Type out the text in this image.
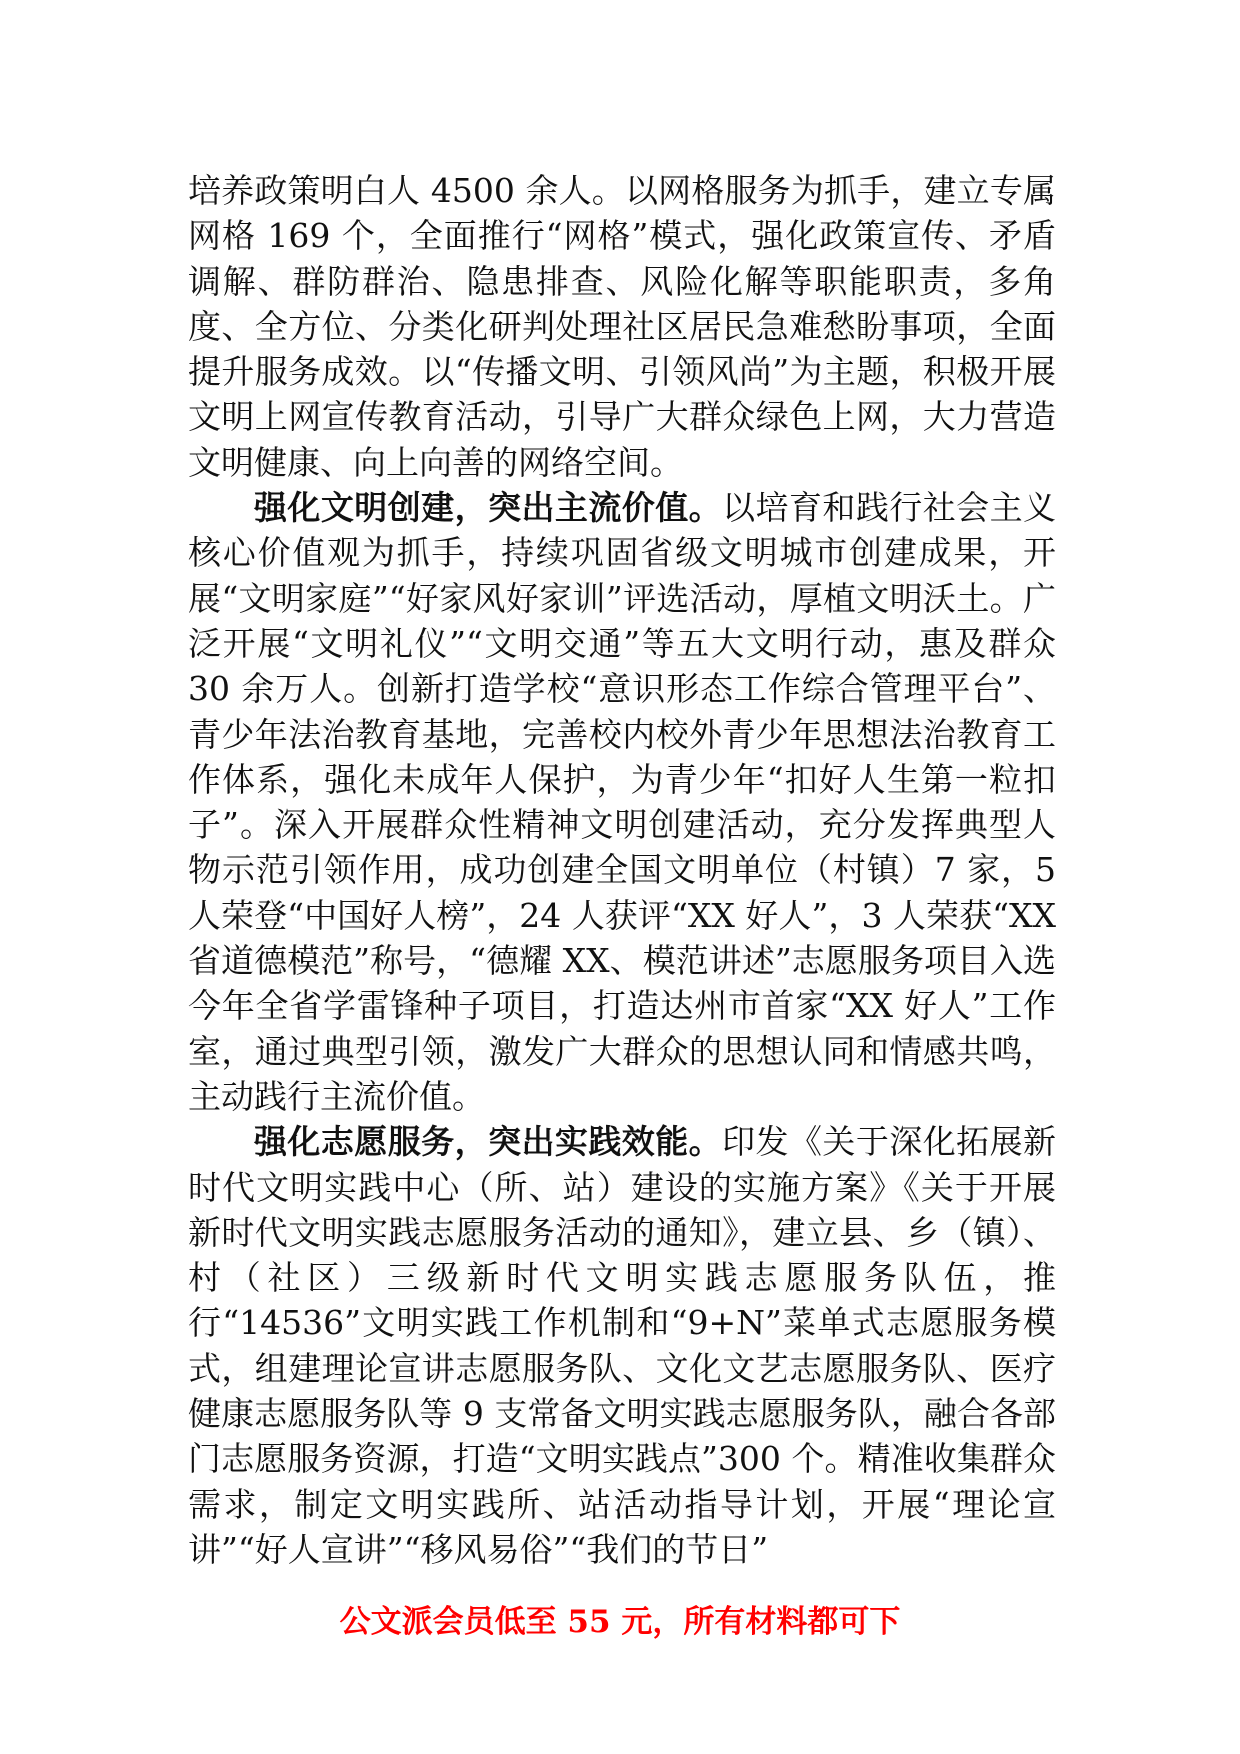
培养政策明白人 4500 余人。以网格服务为抓手，建立专属网格 169 个，全面推行“网格”模式，强化政策宣传、矛盾调解、群防群治、隐患排查、风险化解等职能职责，多角度、全方位、分类化研判处理社区居民急难愁盼事项，全面提升服务成效。以“传播文明、引领风尚”为主题，积极开展文明上网宣传教育活动，引导广大群众绿色上网，大力营造文明健康、向上向善的网络空间。

强化文明创建，突出主流价值。以培育和践行社会主义核心价值观为抓手，持续巩固省级文明城市创建成果，开展“文明家庭”“好家风好家训”评选活动，厚植文明沃土。广泛开展“文明礼仪”“文明交通”等五大文明行动，惠及群众 30 余万人。创新打造学校“意识形态工作综合管理平台”、青少年法治教育基地，完善校内校外青少年思想法治教育工作体系，强化未成年人保护，为青少年“扣好人生第一粒扣子”。深入开展群众性精神文明创建活动，充分发挥典型人物示范引领作用，成功创建全国文明单位（村镇）7 家，5 人荣登“中国好人榜”，24 人获评“XX 好人”，3 人荣获“XX 省道德模范”称号，“德耀 XX、模范讲述”志愿服务项目入选今年全省学雷锋种子项目，打造达州市首家“XX 好人”工作室，通过典型引领，激发广大群众的思想认同和情感共鸣，主动践行主流价值。

强化志愿服务，突出实践效能。印发《关于深化拓展新时代文明实践中心（所、站）建设的实施方案》《关于开展新时代文明实践志愿服务活动的通知》，建立县、乡（镇）、村（社区）三级新时代文明实践志愿服务队伍，推行“14536”文明实践工作机制和“9+N”菜单式志愿服务模式，组建理论宣讲志愿服务队、文化文艺志愿服务队、医疗健康志愿服务队等 9 支常备文明实践志愿服务队，融合各部门志愿服务资源，打造“文明实践点”300 个。精准收集群众需求，制定文明实践所、站活动指导计划，开展“理论宣讲”“好人宣讲”“移风易俗”“我们的节日”

公文派会员低至 55 元，所有材料都可下
